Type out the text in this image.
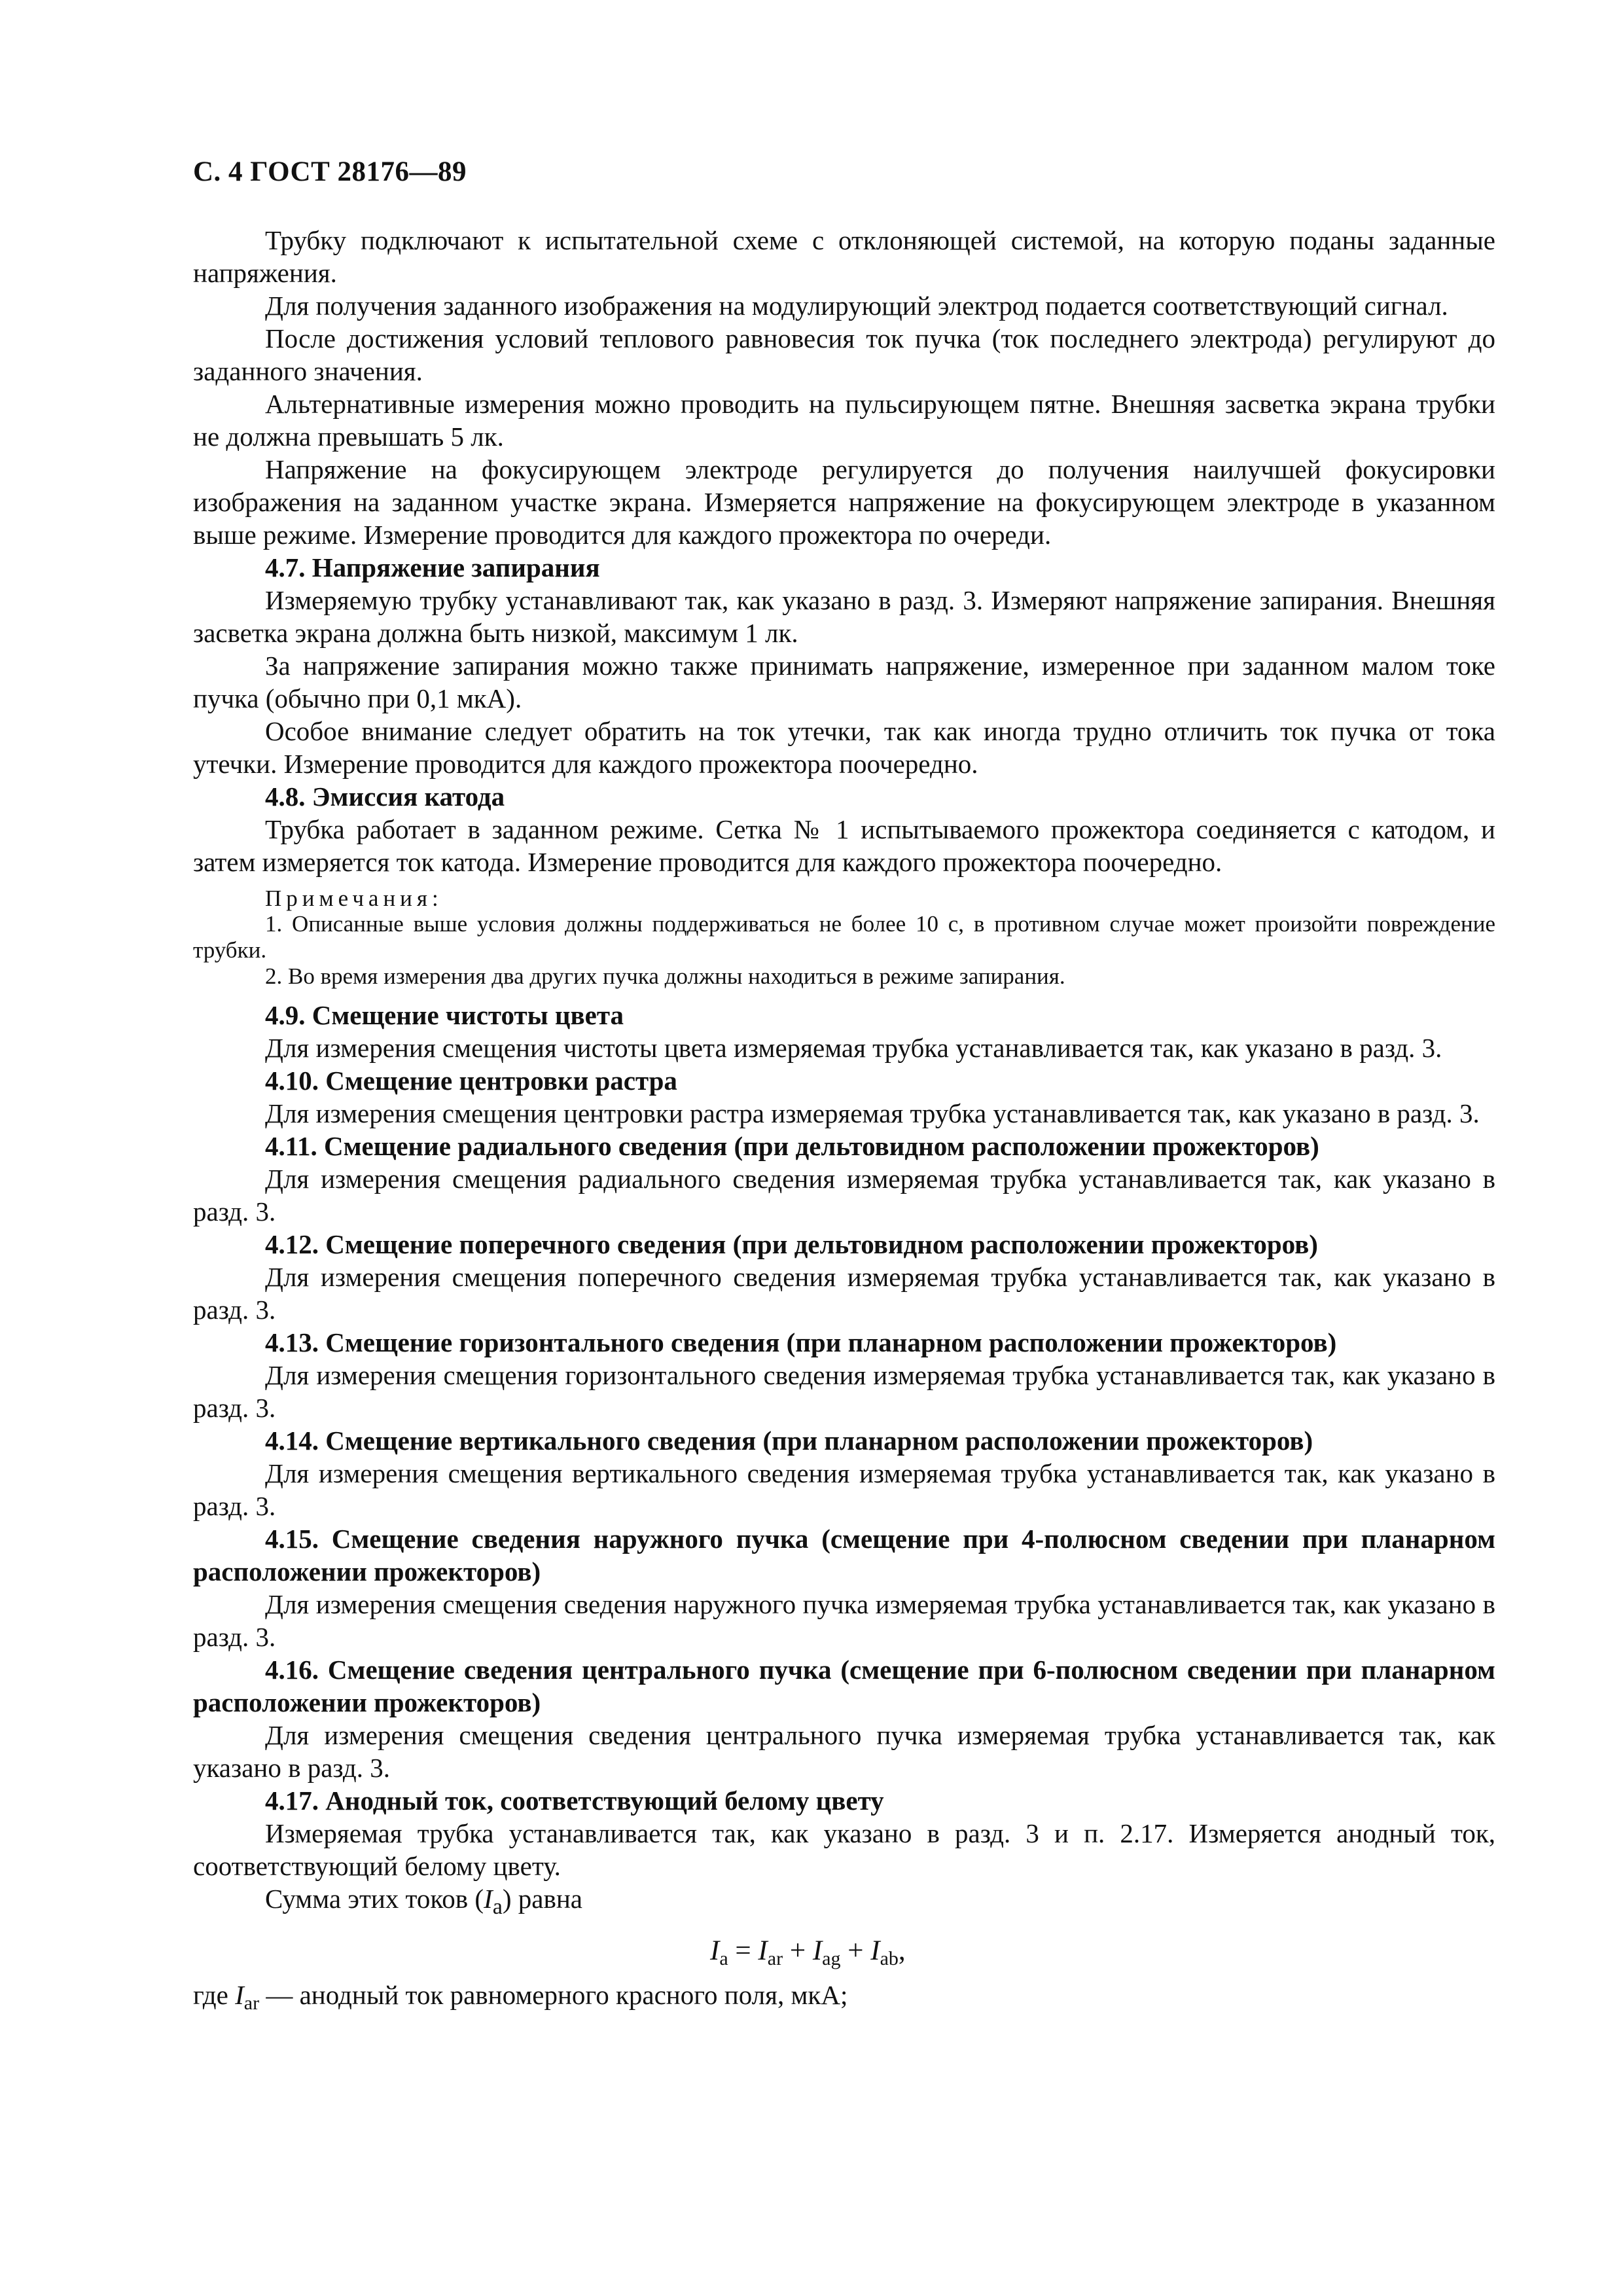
С. 4 ГОСТ 28176—89

Трубку подключают к испытательной схеме с отклоняющей системой, на которую поданы заданные напряжения.

Для получения заданного изображения на модулирующий электрод подается соответствующий сигнал.

После достижения условий теплового равновесия ток пучка (ток последнего электрода) регулируют до заданного значения.

Альтернативные измерения можно проводить на пульсирующем пятне. Внешняя засветка экрана трубки не должна превышать 5 лк.

Напряжение на фокусирующем электроде регулируется до получения наилучшей фокусировки изображения на заданном участке экрана. Измеряется напряжение на фокусирующем электроде в указанном выше режиме. Измерение проводится для каждого прожектора по очереди.

4.7. Напряжение запирания

Измеряемую трубку устанавливают так, как указано в разд. 3. Измеряют напряжение запирания. Внешняя засветка экрана должна быть низкой, максимум 1 лк.

За напряжение запирания можно также принимать напряжение, измеренное при заданном малом токе пучка (обычно при 0,1 мкА).

Особое внимание следует обратить на ток утечки, так как иногда трудно отличить ток пучка от тока утечки. Измерение проводится для каждого прожектора поочередно.

4.8. Эмиссия катода

Трубка работает в заданном режиме. Сетка № 1 испытываемого прожектора соединяется с катодом, и затем измеряется ток катода. Измерение проводится для каждого прожектора поочередно.

Примечания:

1. Описанные выше условия должны поддерживаться не более 10 с, в противном случае может произойти повреждение трубки.

2. Во время измерения два других пучка должны находиться в режиме запирания.

4.9. Смещение чистоты цвета

Для измерения смещения чистоты цвета измеряемая трубка устанавливается так, как указано в разд. 3.

4.10. Смещение центровки растра

Для измерения смещения центровки растра измеряемая трубка устанавливается так, как указано в разд. 3.

4.11. Смещение радиального сведения (при дельтовидном расположении прожекторов)

Для измерения смещения радиального сведения измеряемая трубка устанавливается так, как указано в разд. 3.

4.12. Смещение поперечного сведения (при дельтовидном расположении прожекторов)

Для измерения смещения поперечного сведения измеряемая трубка устанавливается так, как указано в разд. 3.

4.13. Смещение горизонтального сведения (при планарном расположении прожекторов)

Для измерения смещения горизонтального сведения измеряемая трубка устанавливается так, как указано в разд. 3.

4.14. Смещение вертикального сведения (при планарном расположении прожекторов)

Для измерения смещения вертикального сведения измеряемая трубка устанавливается так, как указано в разд. 3.

4.15. Смещение сведения наружного пучка (смещение при 4-полюсном сведении при планарном расположении прожекторов)

Для измерения смещения сведения наружного пучка измеряемая трубка устанавливается так, как указано в разд. 3.

4.16. Смещение сведения центрального пучка (смещение при 6-полюсном сведении при планарном расположении прожекторов)

Для измерения смещения сведения центрального пучка измеряемая трубка устанавливается так, как указано в разд. 3.

4.17. Анодный ток, соответствующий белому цвету

Измеряемая трубка устанавливается так, как указано в разд. 3 и п. 2.17. Измеряется анодный ток, соответствующий белому цвету.

Сумма этих токов $(I_а)$ равна

$I_a = I_{ar} + I_{ag} + I_{ab}$,
где $I_{ar}$ — анодный ток равномерного красного поля, мкА;
